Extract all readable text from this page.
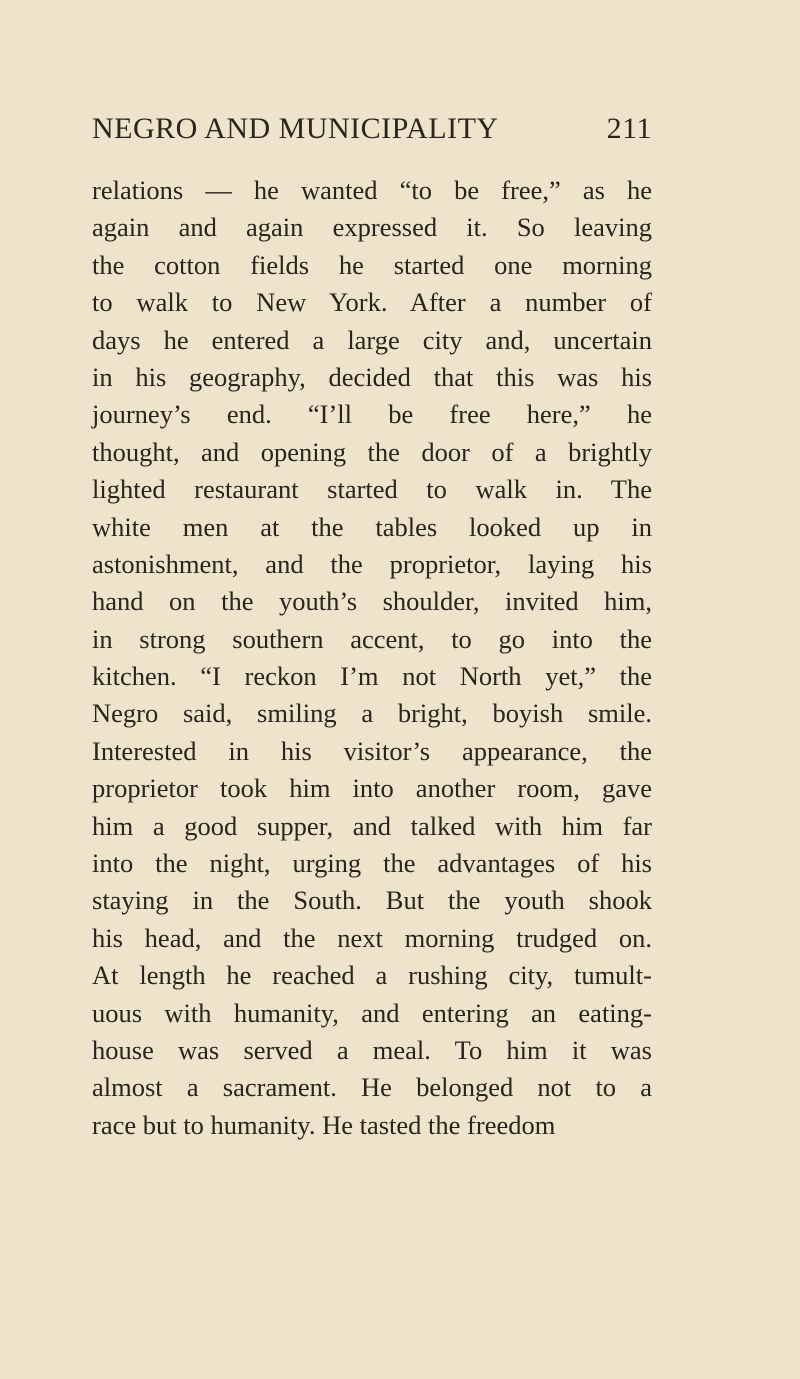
NEGRO AND MUNICIPALITY	211
relations — he wanted “to be free,” as he
again and again expressed it. So leaving
the cotton fields he started one morning
to walk to New York. After a number of
days he entered a large city and, uncertain
in his geography, decided that this was his
journey’s end. “I’ll be free here,” he
thought, and opening the door of a brightly
lighted restaurant started to walk in. The
white men at the tables looked up in
astonishment, and the proprietor, laying his
hand on the youth’s shoulder, invited him,
in strong southern accent, to go into the
kitchen. “I reckon I’m not North yet,” the
Negro said, smiling a bright, boyish smile.
Interested in his visitor’s appearance, the
proprietor took him into another room, gave
him a good supper, and talked with him far
into the night, urging the advantages of his
staying in the South. But the youth shook
his head, and the next morning trudged on.
At length he reached a rushing city, tumult-
uous with humanity, and entering an eating-
house was served a meal. To him it was
almost a sacrament. He belonged not to a
race but to humanity. He tasted the freedom
